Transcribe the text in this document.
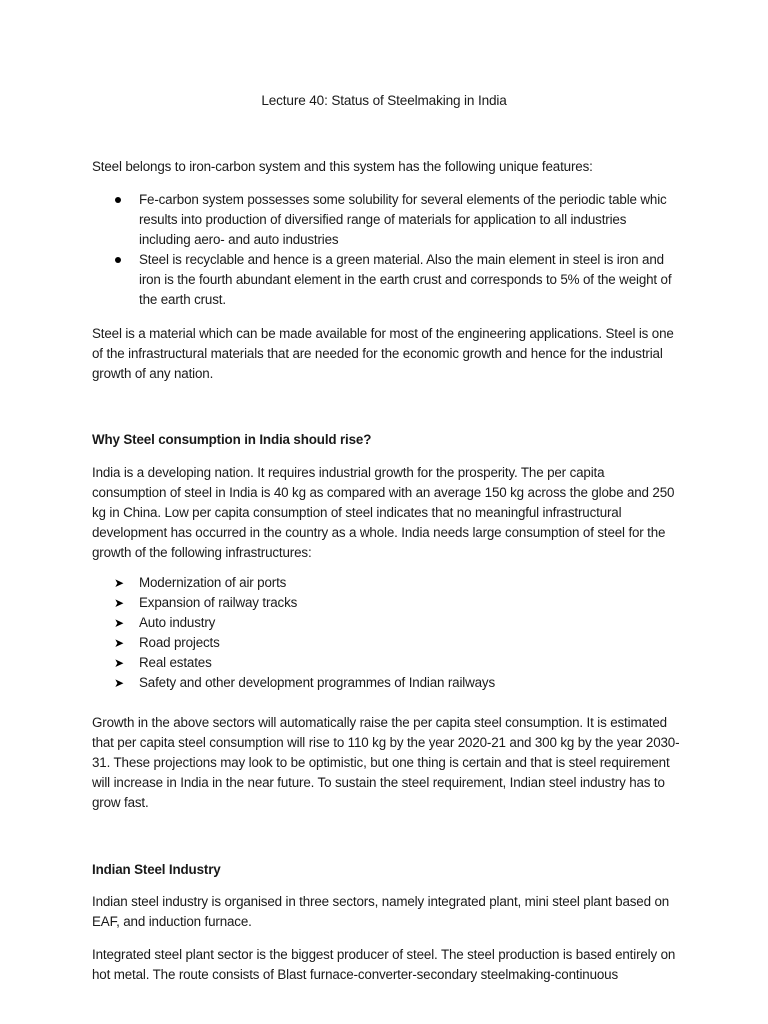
Lecture 40: Status of Steelmaking in India

Steel belongs to iron-carbon system and this system has the following unique features:

Fe-carbon system possesses some solubility for several elements of the periodic table whic results into production of diversified range of materials for application to all industries including aero- and auto industries
Steel is recyclable and hence is a green material. Also the main element in steel is iron and iron is the fourth abundant element in the earth crust and corresponds to 5% of the weight of the earth crust.

Steel is a material which can be made available for most of the engineering applications. Steel is one of the infrastructural materials that are needed for the economic growth and hence for the industrial growth of any nation.

Why Steel consumption in India should rise?

India is a developing nation. It requires industrial growth for the prosperity. The per capita consumption of steel in India is 40 kg as compared with an average 150 kg across the globe and 250 kg in China. Low per capita consumption of steel indicates that no meaningful infrastructural development has occurred in the country as a whole. India needs large consumption of steel for the growth of the following infrastructures:

➤ Modernization of air ports
➤ Expansion of railway tracks
➤ Auto industry
➤ Road projects
➤ Real estates
➤ Safety and other development programmes of Indian railways

Growth in the above sectors will automatically raise the per capita steel consumption. It is estimated that per capita steel consumption will rise to 110 kg by the year 2020-21 and 300 kg by the year 2030-31. These projections may look to be optimistic, but one thing is certain and that is steel requirement will increase in India in the near future. To sustain the steel requirement, Indian steel industry has to grow fast.

Indian Steel Industry

Indian steel industry is organised in three sectors, namely integrated plant, mini steel plant based on EAF, and induction furnace.

Integrated steel plant sector is the biggest producer of steel. The steel production is based entirely on hot metal. The route consists of Blast furnace-converter-secondary steelmaking-continuous
